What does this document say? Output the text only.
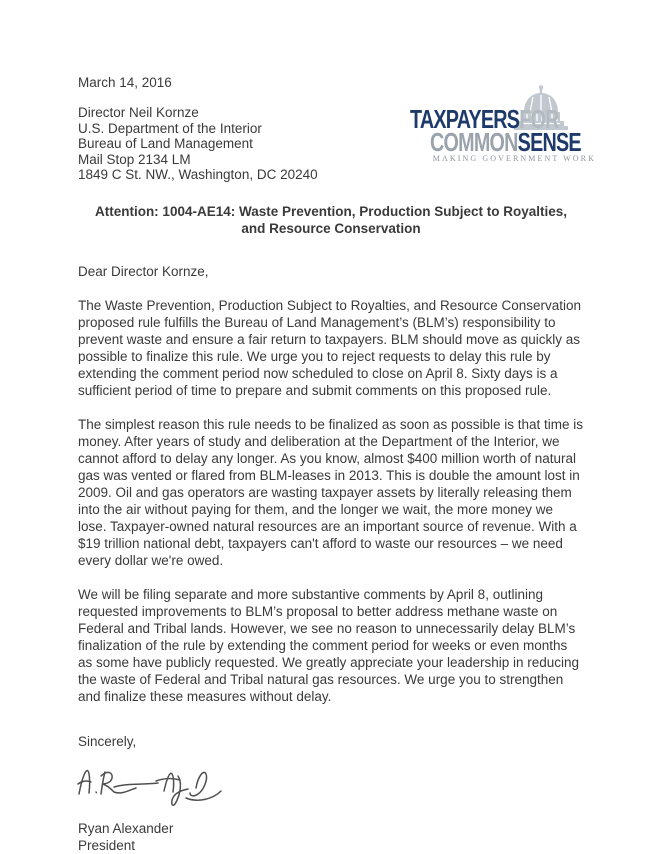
TAXPAYERSFOR
COMMONSENSE
MAKING GOVERNMENT WORK

March 14, 2016

Director Neil Kornze
U.S. Department of the Interior
Bureau of Land Management
Mail Stop 2134 LM
1849 C St. NW., Washington, DC 20240
Attention: 1004-AE14: Waste Prevention, Production Subject to Royalties,
and Resource Conservation

Dear Director Kornze,

The Waste Prevention, Production Subject to Royalties, and Resource Conservation proposed rule fulfills the Bureau of Land Management’s (BLM’s) responsibility to prevent waste and ensure a fair return to taxpayers. BLM should move as quickly as possible to finalize this rule. We urge you to reject requests to delay this rule by extending the comment period now scheduled to close on April 8. Sixty days is a sufficient period of time to prepare and submit comments on this proposed rule.

The simplest reason this rule needs to be finalized as soon as possible is that time is money. After years of study and deliberation at the Department of the Interior, we cannot afford to delay any longer. As you know, almost $400 million worth of natural gas was vented or flared from BLM-leases in 2013. This is double the amount lost in 2009. Oil and gas operators are wasting taxpayer assets by literally releasing them into the air without paying for them, and the longer we wait, the more money we lose. Taxpayer-owned natural resources are an important source of revenue. With a $19 trillion national debt, taxpayers can't afford to waste our resources – we need every dollar we're owed.

We will be filing separate and more substantive comments by April 8, outlining requested improvements to BLM’s proposal to better address methane waste on Federal and Tribal lands. However, we see no reason to unnecessarily delay BLM’s finalization of the rule by extending the comment period for weeks or even months as some have publicly requested. We greatly appreciate your leadership in reducing the waste of Federal and Tribal natural gas resources. We urge you to strengthen and finalize these measures without delay.

Sincerely,

Ryan Alexander
President
